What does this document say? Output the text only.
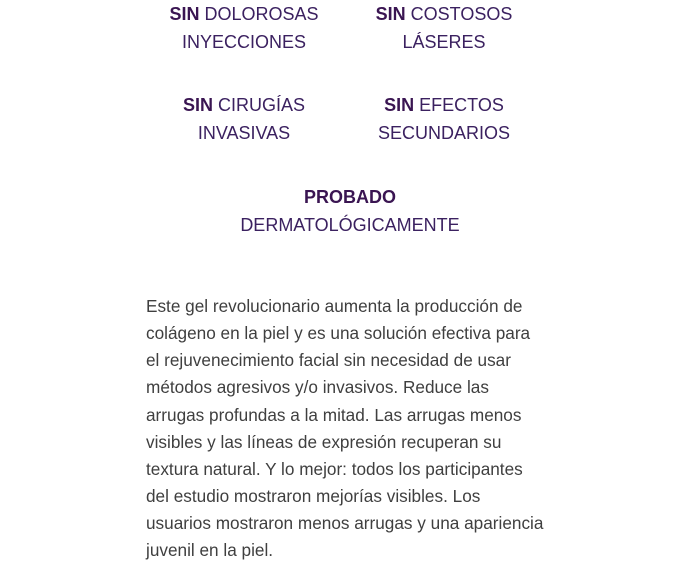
SIN DOLOROSAS
INYECCIONES
SIN COSTOSOS
LÁSERES
SIN CIRUGÍAS
INVASIVAS
SIN EFECTOS
SECUNDARIOS
PROBADO
DERMATOLÓGICAMENTE

Este gel revolucionario aumenta la producción de colágeno en la piel y es una solución efectiva para el rejuvenecimiento facial sin necesidad de usar métodos agresivos y/o invasivos. Reduce las arrugas profundas a la mitad. Las arrugas menos visibles y las líneas de expresión recuperan su textura natural. Y lo mejor: todos los participantes del estudio mostraron mejorías visibles. Los usuarios mostraron menos arrugas y una apariencia juvenil en la piel.
